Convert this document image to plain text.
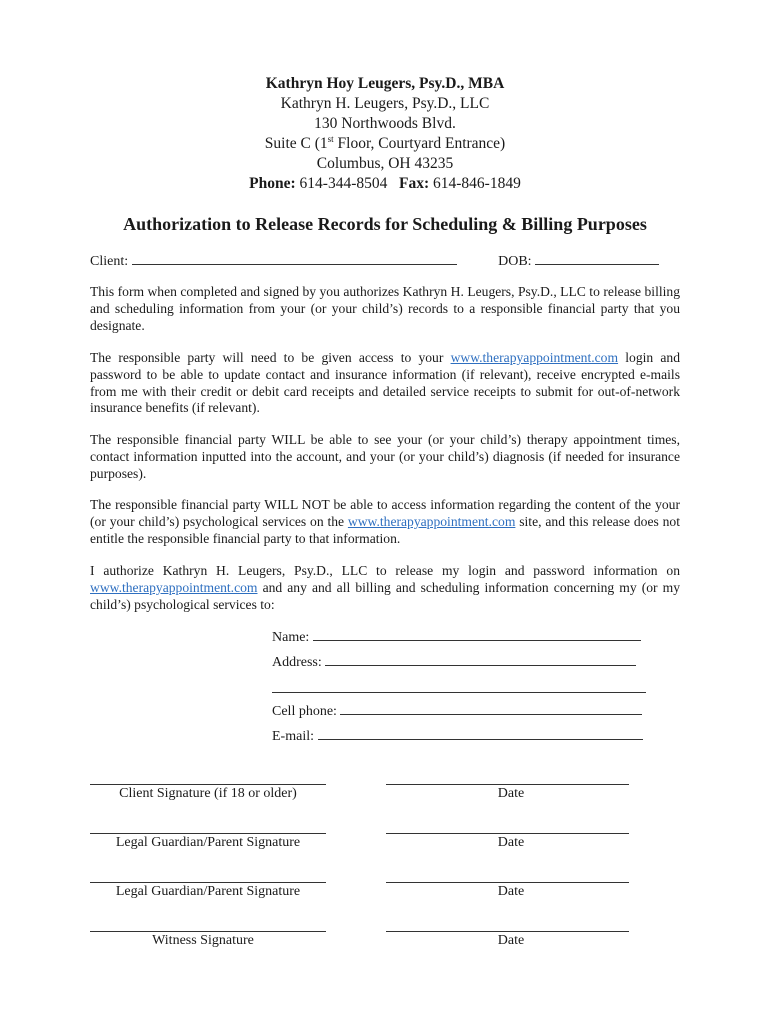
Kathryn Hoy Leugers, Psy.D., MBA
Kathryn H. Leugers, Psy.D., LLC
130 Northwoods Blvd.
Suite C (1st Floor, Courtyard Entrance)
Columbus, OH 43235
Phone: 614-344-8504 Fax: 614-846-1849
Authorization to Release Records for Scheduling & Billing Purposes
Client:	DOB:
This form when completed and signed by you authorizes Kathryn H. Leugers, Psy.D., LLC to release billing and scheduling information from your (or your child’s) records to a responsible financial party that you designate.
The responsible party will need to be given access to your www.therapyappointment.com login and password to be able to update contact and insurance information (if relevant), receive encrypted e-mails from me with their credit or debit card receipts and detailed service receipts to submit for out-of-network insurance benefits (if relevant).
The responsible financial party WILL be able to see your (or your child’s) therapy appointment times, contact information inputted into the account, and your (or your child’s) diagnosis (if needed for insurance purposes).
The responsible financial party WILL NOT be able to access information regarding the content of the your (or your child’s) psychological services on the www.therapyappointment.com site, and this release does not entitle the responsible financial party to that information.
I authorize Kathryn H. Leugers, Psy.D., LLC to release my login and password information on www.therapyappointment.com and any and all billing and scheduling information concerning my (or my child’s) psychological services to:
Name:
Address:
Cell phone:
E-mail:
Client Signature (if 18 or older)	Date
Legal Guardian/Parent Signature	Date
Legal Guardian/Parent Signature	Date
Witness Signature	Date
